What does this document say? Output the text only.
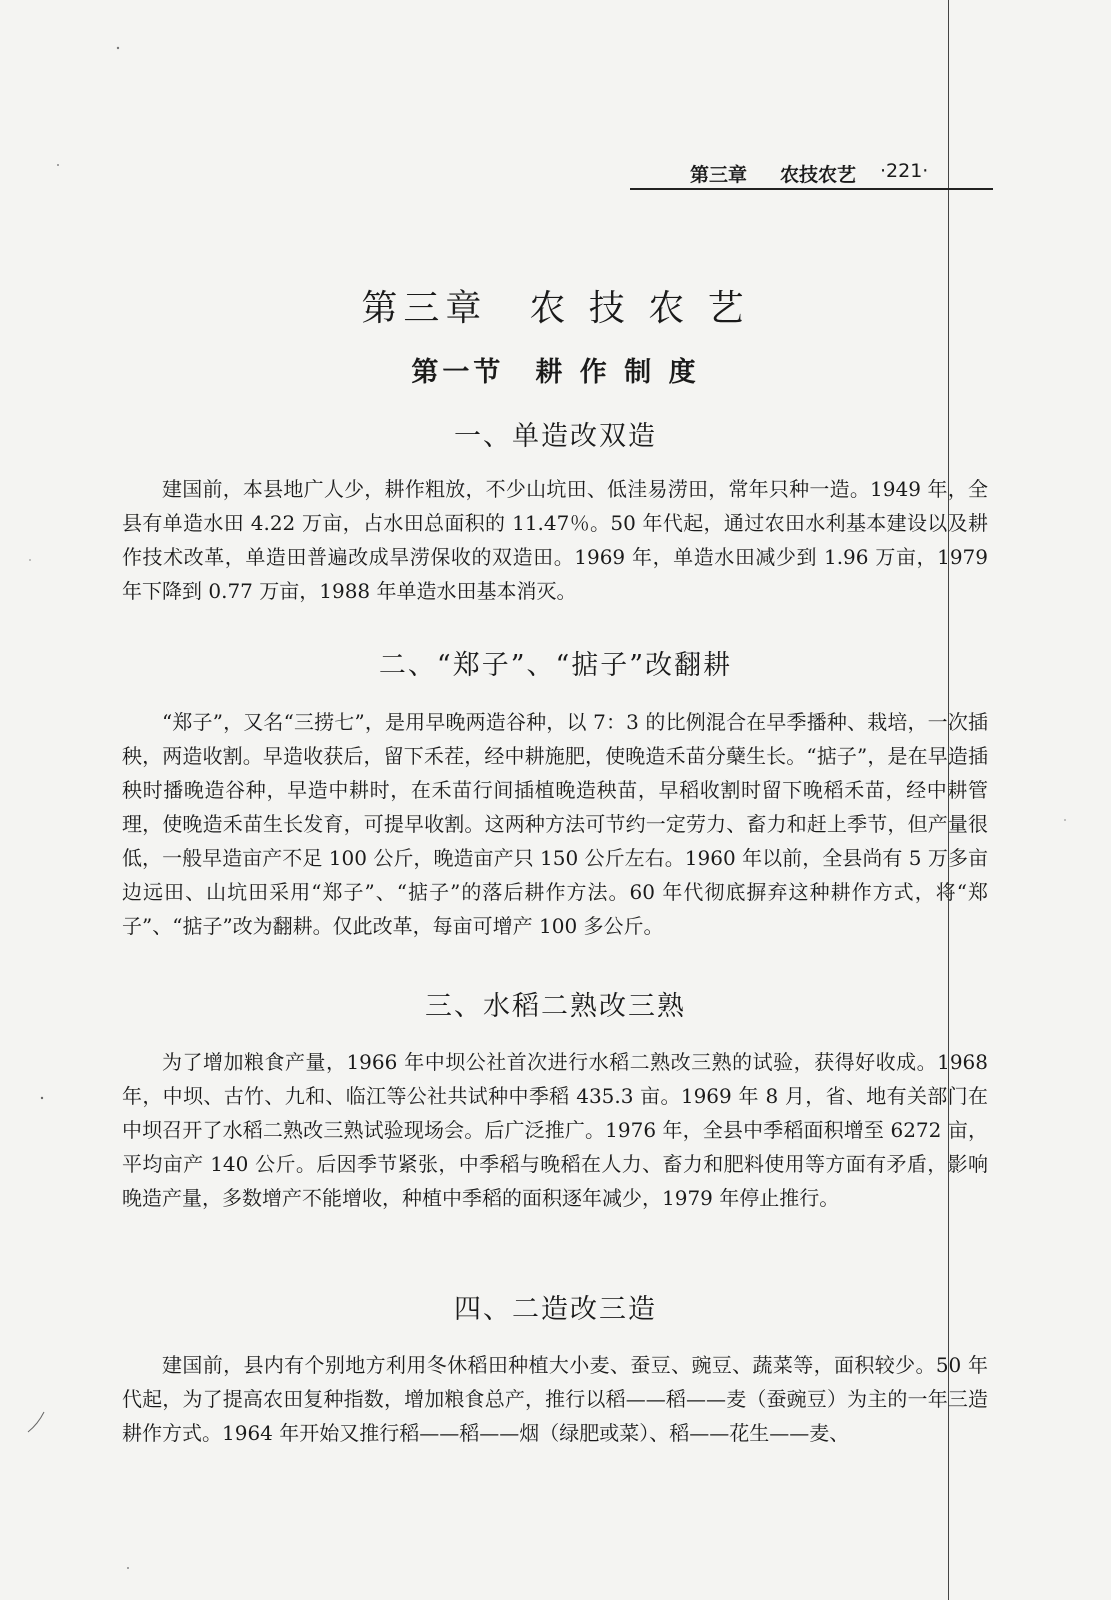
第三章 农技农艺 ·221·
第三章　农 技 农 艺
第一节　耕 作 制 度
一、单造改双造

建国前，本县地广人少，耕作粗放，不少山坑田、低洼易涝田，常年只种一造。1949 年，全县有单造水田 4.22 万亩，占水田总面积的 11.47％。50 年代起，通过农田水利基本建设以及耕作技术改革，单造田普遍改成旱涝保收的双造田。1969 年，单造水田减少到 1.96 万亩，1979 年下降到 0.77 万亩，1988 年单造水田基本消灭。

二、“郑子”、“掂子”改翻耕

“郑子”，又名“三捞七”，是用早晚两造谷种，以 7：3 的比例混合在早季播种、栽培，一次插秧，两造收割。早造收获后，留下禾茬，经中耕施肥，使晚造禾苗分蘖生长。“掂子”，是在早造插秧时播晚造谷种，早造中耕时，在禾苗行间插植晚造秧苗，早稻收割时留下晚稻禾苗，经中耕管理，使晚造禾苗生长发育，可提早收割。这两种方法可节约一定劳力、畜力和赶上季节，但产量很低，一般早造亩产不足 100 公斤，晚造亩产只 150 公斤左右。1960 年以前，全县尚有 5 万多亩边远田、山坑田采用“郑子”、“掂子”的落后耕作方法。60 年代彻底摒弃这种耕作方式，将“郑子”、“掂子”改为翻耕。仅此改革，每亩可增产 100 多公斤。

三、水稻二熟改三熟

为了增加粮食产量，1966 年中坝公社首次进行水稻二熟改三熟的试验，获得好收成。1968 年，中坝、古竹、九和、临江等公社共试种中季稻 435.3 亩。1969 年 8 月，省、地有关部门在中坝召开了水稻二熟改三熟试验现场会。后广泛推广。1976 年，全县中季稻面积增至 6272 亩，平均亩产 140 公斤。后因季节紧张，中季稻与晚稻在人力、畜力和肥料使用等方面有矛盾，影响晚造产量，多数增产不能增收，种植中季稻的面积逐年减少，1979 年停止推行。

四、二造改三造

建国前，县内有个别地方利用冬休稻田种植大小麦、蚕豆、豌豆、蔬菜等，面积较少。50 年代起，为了提高农田复种指数，增加粮食总产，推行以稻——稻——麦（蚕豌豆）为主的一年三造耕作方式。1964 年开始又推行稻——稻——烟（绿肥或菜）、稻——花生——麦、
